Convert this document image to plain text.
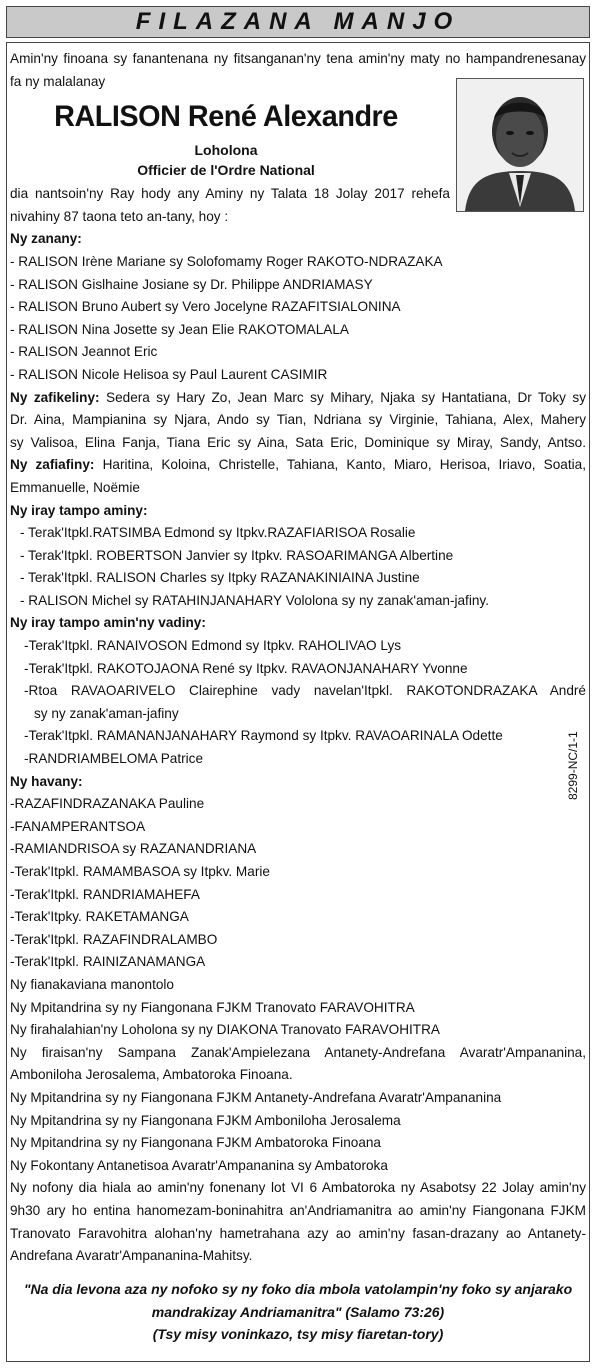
FILAZANA MANJO
RALISON René Alexandre
Loholona
Officier de l'Ordre National
Amin'ny finoana sy fanantenana ny fitsanganan'ny tena amin'ny maty no hampandrenesanay
fa ny malalanay
dia nantsoin'ny Ray hody any Aminy ny Talata 18 Jolay 2017 rehefa
nivahiny 87 taona teto an-tany, hoy :
Ny zanany:
- RALISON Irène Mariane sy Solofomamy Roger RAKOTO-NDRAZAKA
- RALISON Gislhaine Josiane sy Dr. Philippe ANDRIAMASY
- RALISON Bruno Aubert sy Vero Jocelyne RAZAFITSIALONINA
- RALISON Nina Josette sy Jean Elie RAKOTOMALALA
- RALISON Jeannot Eric
- RALISON Nicole Helisoa sy Paul Laurent CASIMIR
Ny zafikeliny: Sedera sy Hary Zo, Jean Marc sy Mihary, Njaka sy Hantatiana, Dr Toky sy
Dr. Aina, Mampianina sy Njara, Ando sy Tian, Ndriana sy Virginie, Tahiana, Alex, Mahery
sy Valisoa, Elina Fanja, Tiana Eric sy Aina, Sata Eric, Dominique sy Miray, Sandy, Antso.
Ny zafiafiny: Haritina, Koloina, Christelle, Tahiana, Kanto, Miaro, Herisoa, Iriavo, Soatia,
Emmanuelle, Noëmie
Ny iray tampo aminy:
- Terak'Itpkl.RATSIMBA Edmond sy Itpkv.RAZAFIARISOA Rosalie
- Terak'Itpkl. ROBERTSON Janvier sy Itpkv. RASOARIMANGA Albertine
- Terak'Itpkl. RALISON Charles sy Itpky RAZANAKINIAINA Justine
- RALISON Michel sy RATAHINJANAHARY Vololona sy ny zanak'aman-jafiny.
Ny iray tampo amin'ny vadiny:
-Terak'Itpkl. RANAIVOSON Edmond sy Itpkv. RAHOLIVAO Lys
-Terak'Itpkl. RAKOTOJAONA René sy Itpkv. RAVAONJANAHARY Yvonne
-Rtoa RAVAOARIVELO Clairephine vady navelan'Itpkl. RAKOTONDRAZAKA André
sy ny zanak'aman-jafiny
-Terak'Itpkl. RAMANANJANAHARY Raymond sy Itpkv. RAVAOARINALA Odette
-RANDRIAMBELOMA Patrice
Ny havany:
-RAZAFINDRAZANAKA Pauline
-FANAMPERANTSOA
-RAMIANDRISOA sy RAZANANDRIANA
-Terak'Itpkl. RAMAMBASOA sy Itpkv. Marie
-Terak'Itpkl. RANDRIAMAHEFA
-Terak'Itpky. RAKETAMANGA
-Terak'Itpkl. RAZAFINDRALAMBO
-Terak'Itpkl. RAINIZANAMANGA
Ny fianakaviana manontolo
Ny Mpitandrina sy ny Fiangonana FJKM Tranovato FARAVOHITRA
Ny firahalahian'ny Loholona sy ny DIAKONA Tranovato FARAVOHITRA
Ny firaisan'ny Sampana Zanak'Ampielezana Antanety-Andrefana Avaratr'Ampananina,
Amboniloha Jerosalema, Ambatoroka Finoana.
Ny Mpitandrina sy ny Fiangonana FJKM Antanety-Andrefana Avaratr'Ampananina
Ny Mpitandrina sy ny Fiangonana FJKM Amboniloha Jerosalema
Ny Mpitandrina sy ny Fiangonana FJKM Ambatoroka Finoana
Ny Fokontany Antanetisoa Avaratr'Ampananina sy Ambatoroka
Ny nofony dia hiala ao amin'ny fonenany lot VI 6 Ambatoroka ny Asabotsy 22 Jolay amin'ny
9h30 ary ho entina hanomezam-boninahitra an'Andriamanitra ao amin'ny Fiangonana FJKM
Tranovato Faravohitra alohan'ny hametrahana azy ao amin'ny fasan-drazany ao Antanety-
Andrefana Avaratr'Ampananina-Mahitsy.
"Na dia levona aza ny nofoko sy ny foko dia mbola vatolampin'ny foko sy anjarako
mandrakizay Andriamanitra" (Salamo 73:26)
(Tsy misy voninkazo, tsy misy fiaretan-tory)
8299-NC/1-1
